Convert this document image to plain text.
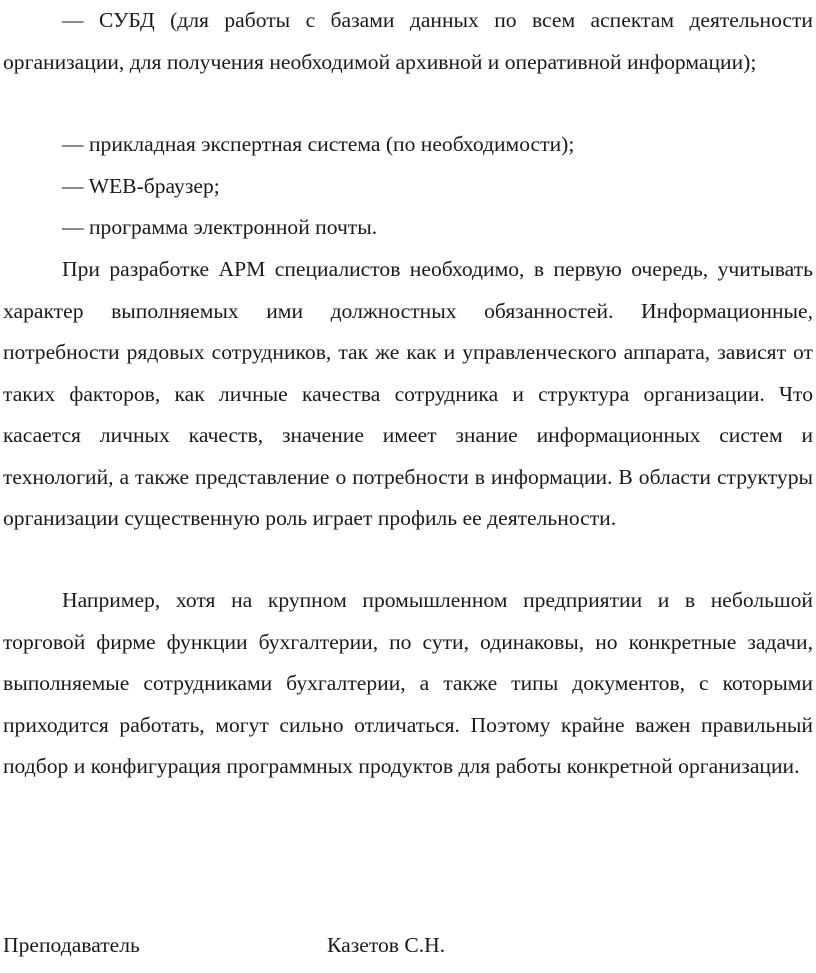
— СУБД (для работы с базами данных по всем аспектам деятельности организации, для получения необходимой архивной и оперативной информации);

— прикладная экспертная система (по необходимости);

— WEB-браузер;

— программа электронной почты.

При разработке АРМ специалистов необходимо, в первую очередь, учитывать характер выполняемых ими должностных обязанностей. Информационные, потребности рядовых сотрудников, так же как и управленческого аппарата, зависят от таких факторов, как личные качества сотрудника и структура организации. Что касается личных качеств, значение имеет знание информационных систем и технологий, а также представление о потребности в информации. В области структуры организации существенную роль играет профиль ее деятельности.

Например, хотя на крупном промышленном предприятии и в небольшой торговой фирме функции бухгалтерии, по сути, одинаковы, но конкретные задачи, выполняемые сотрудниками бухгалтерии, а также типы документов, с которыми приходится работать, могут сильно отличаться. Поэтому крайне важен правильный подбор и конфигурация программных продуктов для работы конкретной организации.

Преподаватель	Казетов С.Н.
